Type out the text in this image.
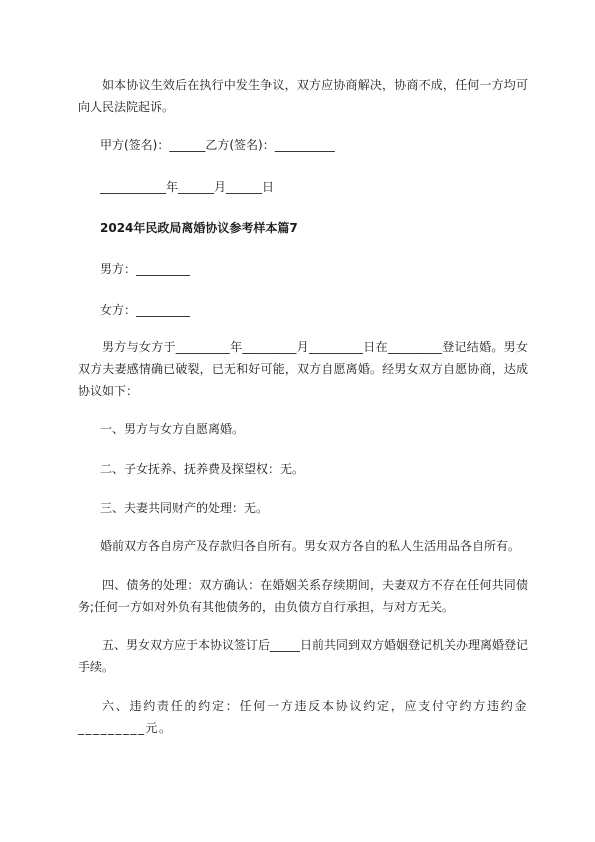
如本协议生效后在执行中发生争议，双方应协商解决，协商不成，任何一方均可向人民法院起诉。
甲方(签名)：______乙方(签名)：__________
___________年______月______日
2024年民政局离婚协议参考样本篇7
男方：_________
女方：_________
男方与女方于_________年_________月_________日在_________登记结婚。男女双方夫妻感情确已破裂，已无和好可能，双方自愿离婚。经男女双方自愿协商，达成协议如下：
一、男方与女方自愿离婚。
二、子女抚养、抚养费及探望权：无。
三、夫妻共同财产的处理：无。
婚前双方各自房产及存款归各自所有。男女双方各自的私人生活用品各自所有。
四、债务的处理：双方确认：在婚姻关系存续期间，夫妻双方不存在任何共同债务;任何一方如对外负有其他债务的，由负债方自行承担，与对方无关。
五、男女双方应于本协议签订后_____日前共同到双方婚姻登记机关办理离婚登记手续。
六、违约责任的约定：任何一方违反本协议约定，应支付守约方违约金_________元。
